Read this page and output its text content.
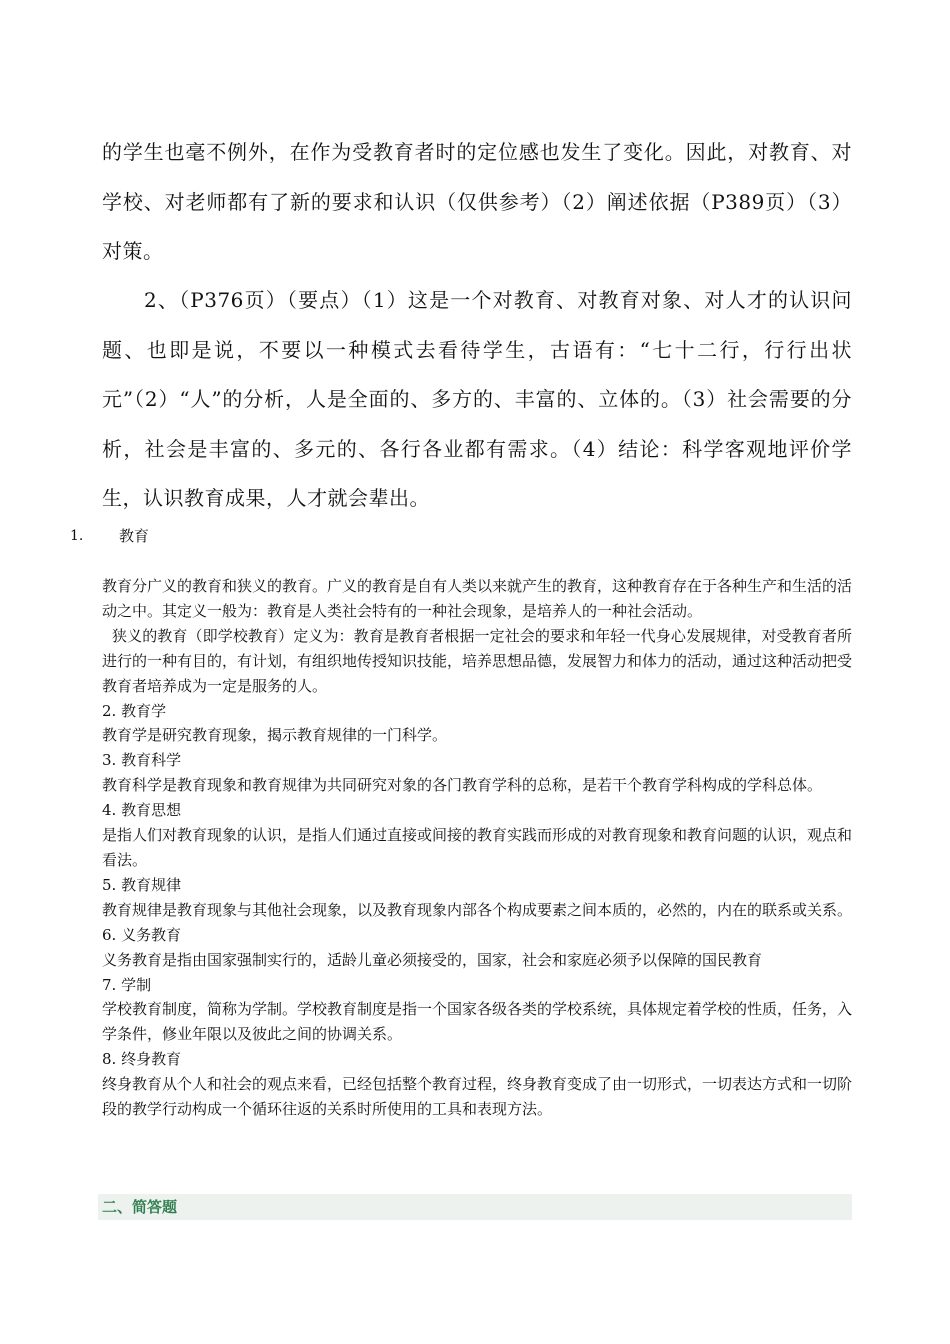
的学生也毫不例外，在作为受教育者时的定位感也发生了变化。因此，对教育、对学校、对老师都有了新的要求和认识（仅供参考）（2）阐述依据（P389页）（3）对策。

2、（P376页）（要点）（1）这是一个对教育、对教育对象、对人才的认识问题、也即是说，不要以一种模式去看待学生，古语有：“七十二行，行行出状元”（2）“人”的分析，人是全面的、多方的、丰富的、立体的。（3）社会需要的分析，社会是丰富的、多元的、各行各业都有需求。（4）结论：科学客观地评价学生，认识教育成果，人才就会辈出。

1. 教育

教育分广义的教育和狭义的教育。广义的教育是自有人类以来就产生的教育，这种教育存在于各种生产和生活的活动之中。其定义一般为：教育是人类社会特有的一种社会现象，是培养人的一种社会活动。

狭义的教育（即学校教育）定义为：教育是教育者根据一定社会的要求和年轻一代身心发展规律，对受教育者所进行的一种有目的，有计划，有组织地传授知识技能，培养思想品德，发展智力和体力的活动，通过这种活动把受教育者培养成为一定是服务的人。

2. 教育学

教育学是研究教育现象，揭示教育规律的一门科学。

3. 教育科学

教育科学是教育现象和教育规律为共同研究对象的各门教育学科的总称，是若干个教育学科构成的学科总体。

4. 教育思想

是指人们对教育现象的认识，是指人们通过直接或间接的教育实践而形成的对教育现象和教育问题的认识，观点和看法。

5. 教育规律

教育规律是教育现象与其他社会现象，以及教育现象内部各个构成要素之间本质的，必然的，内在的联系或关系。

6. 义务教育

义务教育是指由国家强制实行的，适龄儿童必须接受的，国家，社会和家庭必须予以保障的国民教育

7. 学制

学校教育制度，简称为学制。学校教育制度是指一个国家各级各类的学校系统，具体规定着学校的性质，任务，入学条件，修业年限以及彼此之间的协调关系。

8. 终身教育

终身教育从个人和社会的观点来看，已经包括整个教育过程，终身教育变成了由一切形式，一切表达方式和一切阶段的教学行动构成一个循环往返的关系时所使用的工具和表现方法。

二、简答题
